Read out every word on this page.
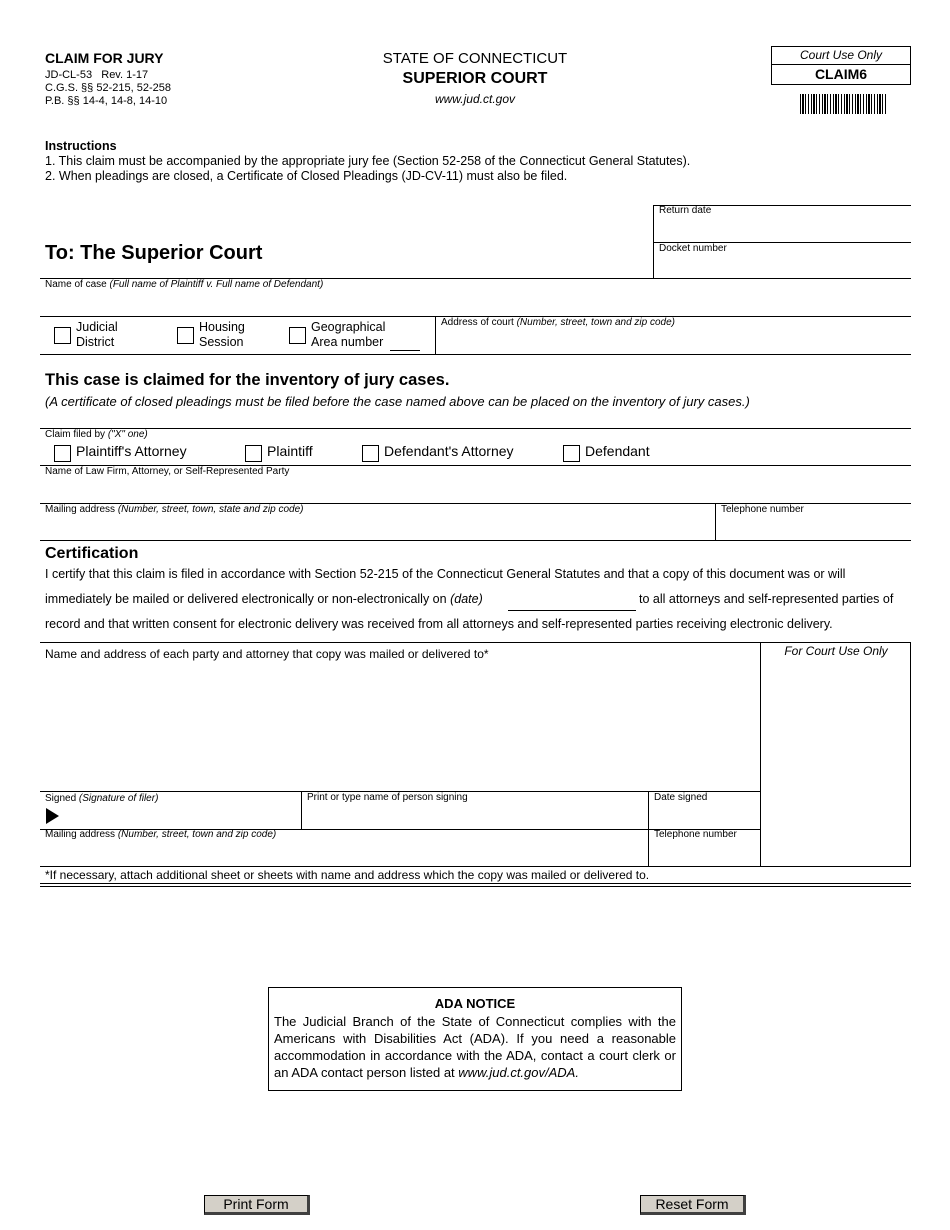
CLAIM FOR JURY
JD-CL-53 Rev. 1-17
C.G.S. §§ 52-215, 52-258
P.B. §§ 14-4, 14-8, 14-10
STATE OF CONNECTICUT
SUPERIOR COURT
www.jud.ct.gov
Court Use Only
CLAIM6
Instructions
1. This claim must be accompanied by the appropriate jury fee (Section 52-258 of the Connecticut General Statutes).
2. When pleadings are closed, a Certificate of Closed Pleadings (JD-CV-11) must also be filed.
Return date
Docket number
To: The Superior Court
Name of case (Full name of Plaintiff v. Full name of Defendant)
Judicial
District
Housing
Session
Geographical
Area number
Address of court (Number, street, town and zip code)
This case is claimed for the inventory of jury cases.
(A certificate of closed pleadings must be filed before the case named above can be placed on the inventory of jury cases.)
Claim filed by ("X" one)
Plaintiff's Attorney	Plaintiff	Defendant's Attorney	Defendant
Name of Law Firm, Attorney, or Self-Represented Party
Mailing address (Number, street, town, state and zip code)	Telephone number
Certification
I certify that this claim is filed in accordance with Section 52-215 of the Connecticut General Statutes and that a copy of this document was or will
immediately be mailed or delivered electronically or non-electronically on (date)	to all attorneys and self-represented parties of
record and that written consent for electronic delivery was received from all attorneys and self-represented parties receiving electronic delivery.
Name and address of each party and attorney that copy was mailed or delivered to*	For Court Use Only
Signed (Signature of filer)	Print or type name of person signing	Date signed
Mailing address (Number, street, town and zip code)	Telephone number
*If necessary, attach additional sheet or sheets with name and address which the copy was mailed or delivered to.
ADA NOTICE
The Judicial Branch of the State of Connecticut complies with the Americans with Disabilities Act (ADA). If you need a reasonable accommodation in accordance with the ADA, contact a court clerk or an ADA contact person listed at www.jud.ct.gov/ADA.
Print Form	Reset Form
